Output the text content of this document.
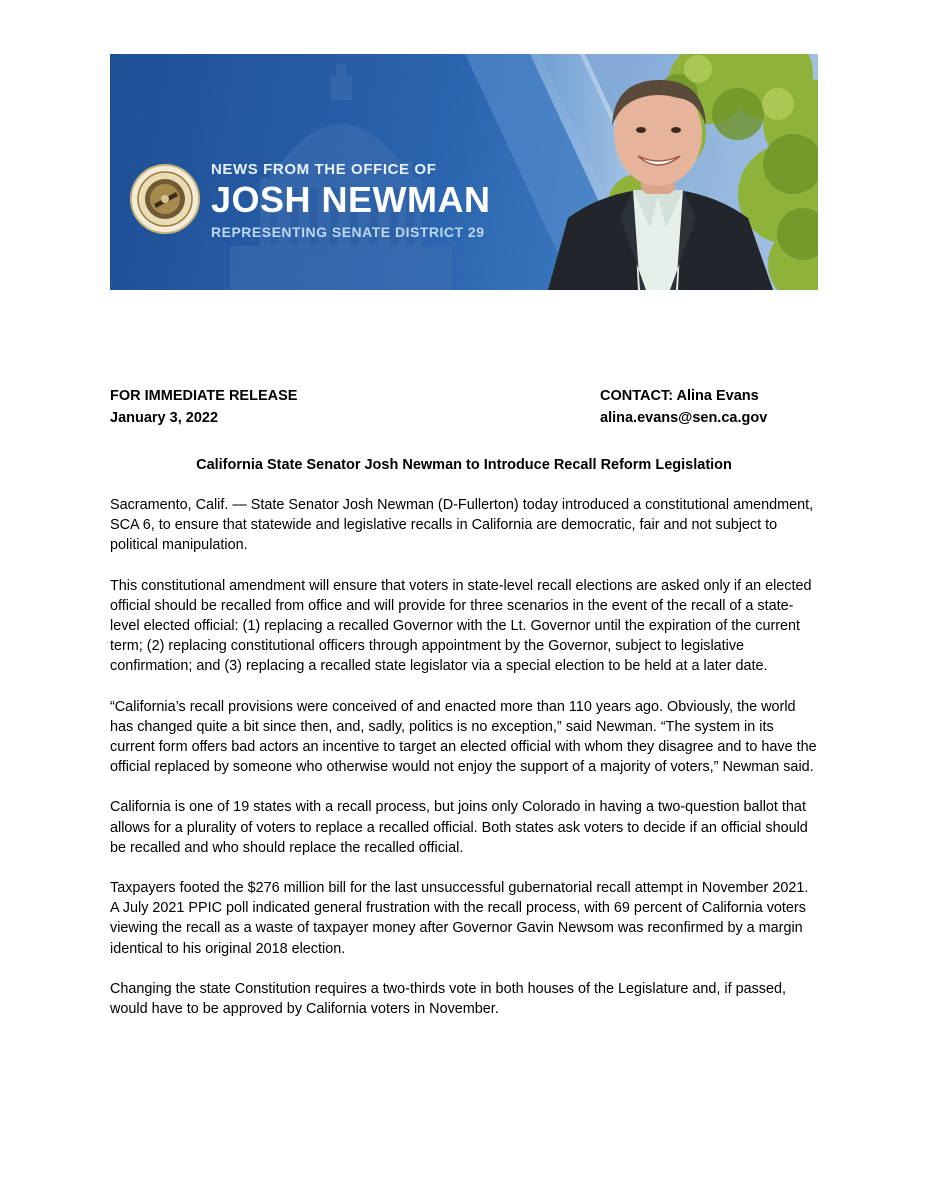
NEWS FROM THE OFFICE OF
JOSH NEWMAN
REPRESENTING SENATE DISTRICT 29
FOR IMMEDIATE RELEASE
January 3, 2022
CONTACT: Alina Evans
alina.evans@sen.ca.gov
California State Senator Josh Newman to Introduce Recall Reform Legislation

Sacramento, Calif. — State Senator Josh Newman (D-Fullerton) today introduced a constitutional amendment, SCA 6, to ensure that statewide and legislative recalls in California are democratic, fair and not subject to political manipulation.

This constitutional amendment will ensure that voters in state-level recall elections are asked only if an elected official should be recalled from office and will provide for three scenarios in the event of the recall of a state-level elected official: (1) replacing a recalled Governor with the Lt. Governor until the expiration of the current term; (2) replacing constitutional officers through appointment by the Governor, subject to legislative confirmation; and (3) replacing a recalled state legislator via a special election to be held at a later date.

“California’s recall provisions were conceived of and enacted more than 110 years ago. Obviously, the world has changed quite a bit since then, and, sadly, politics is no exception,” said Newman. “The system in its current form offers bad actors an incentive to target an elected official with whom they disagree and to have the official replaced by someone who otherwise would not enjoy the support of a majority of voters,” Newman said.

California is one of 19 states with a recall process, but joins only Colorado in having a two-question ballot that allows for a plurality of voters to replace a recalled official. Both states ask voters to decide if an official should be recalled and who should replace the recalled official.

Taxpayers footed the $276 million bill for the last unsuccessful gubernatorial recall attempt in November 2021. A July 2021 PPIC poll indicated general frustration with the recall process, with 69 percent of California voters viewing the recall as a waste of taxpayer money after Governor Gavin Newsom was reconfirmed by a margin identical to his original 2018 election.

Changing the state Constitution requires a two-thirds vote in both houses of the Legislature and, if passed, would have to be approved by California voters in November.
